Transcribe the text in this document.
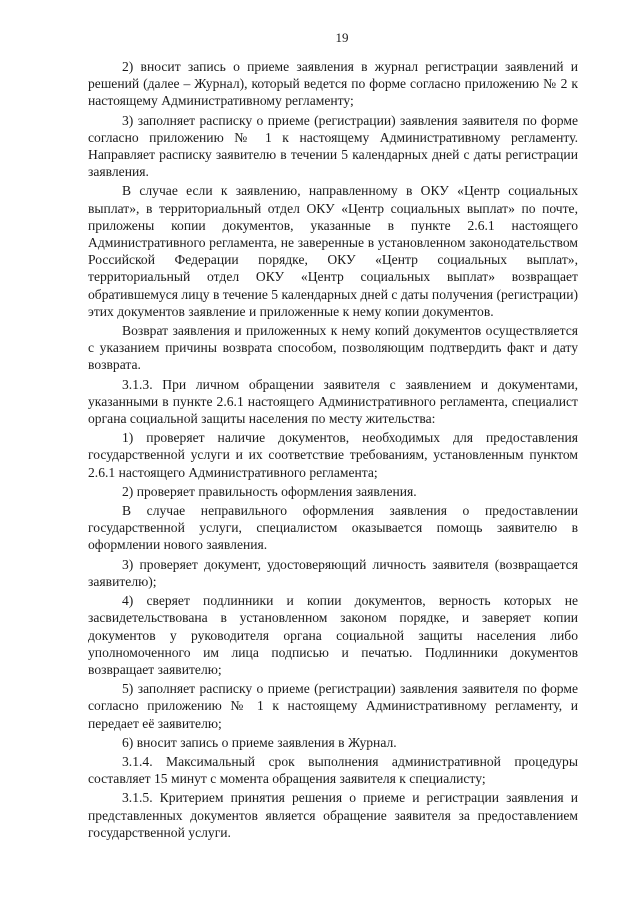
19

2) вносит запись о приеме заявления в журнал регистрации заявлений и решений (далее – Журнал), который ведется по форме согласно приложению № 2 к настоящему Административному регламенту;

3) заполняет расписку о приеме (регистрации) заявления заявителя по форме согласно приложению № 1 к настоящему Административному регламенту. Направляет расписку заявителю в течении 5 календарных дней с даты регистрации заявления.

В случае если к заявлению, направленному в ОКУ «Центр социальных выплат», в территориальный отдел ОКУ «Центр социальных выплат» по почте, приложены копии документов, указанные в пункте 2.6.1 настоящего Административного регламента, не заверенные в установленном законодательством Российской Федерации порядке, ОКУ «Центр социальных выплат», территориальный отдел ОКУ «Центр социальных выплат» возвращает обратившемуся лицу в течение 5 календарных дней с даты получения (регистрации) этих документов заявление и приложенные к нему копии документов.

Возврат заявления и приложенных к нему копий документов осуществляется с указанием причины возврата способом, позволяющим подтвердить факт и дату возврата.

3.1.3. При личном обращении заявителя с заявлением и документами, указанными в пункте 2.6.1 настоящего Административного регламента, специалист органа социальной защиты населения по месту жительства:

1) проверяет наличие документов, необходимых для предоставления государственной услуги и их соответствие требованиям, установленным пунктом 2.6.1 настоящего Административного регламента;

2) проверяет правильность оформления заявления.

В случае неправильного оформления заявления о предоставлении государственной услуги, специалистом оказывается помощь заявителю в оформлении нового заявления.

3) проверяет документ, удостоверяющий личность заявителя (возвращается заявителю);

4) сверяет подлинники и копии документов, верность которых не засвидетельствована в установленном законом порядке, и заверяет копии документов у руководителя органа социальной защиты населения либо уполномоченного им лица подписью и печатью. Подлинники документов возвращает заявителю;

5) заполняет расписку о приеме (регистрации) заявления заявителя по форме согласно приложению № 1 к настоящему Административному регламенту, и передает её заявителю;

6) вносит запись о приеме заявления в Журнал.

3.1.4. Максимальный срок выполнения административной процедуры составляет 15 минут с момента обращения заявителя к специалисту;

3.1.5. Критерием принятия решения о приеме и регистрации заявления и представленных документов является обращение заявителя за предоставлением государственной услуги.
